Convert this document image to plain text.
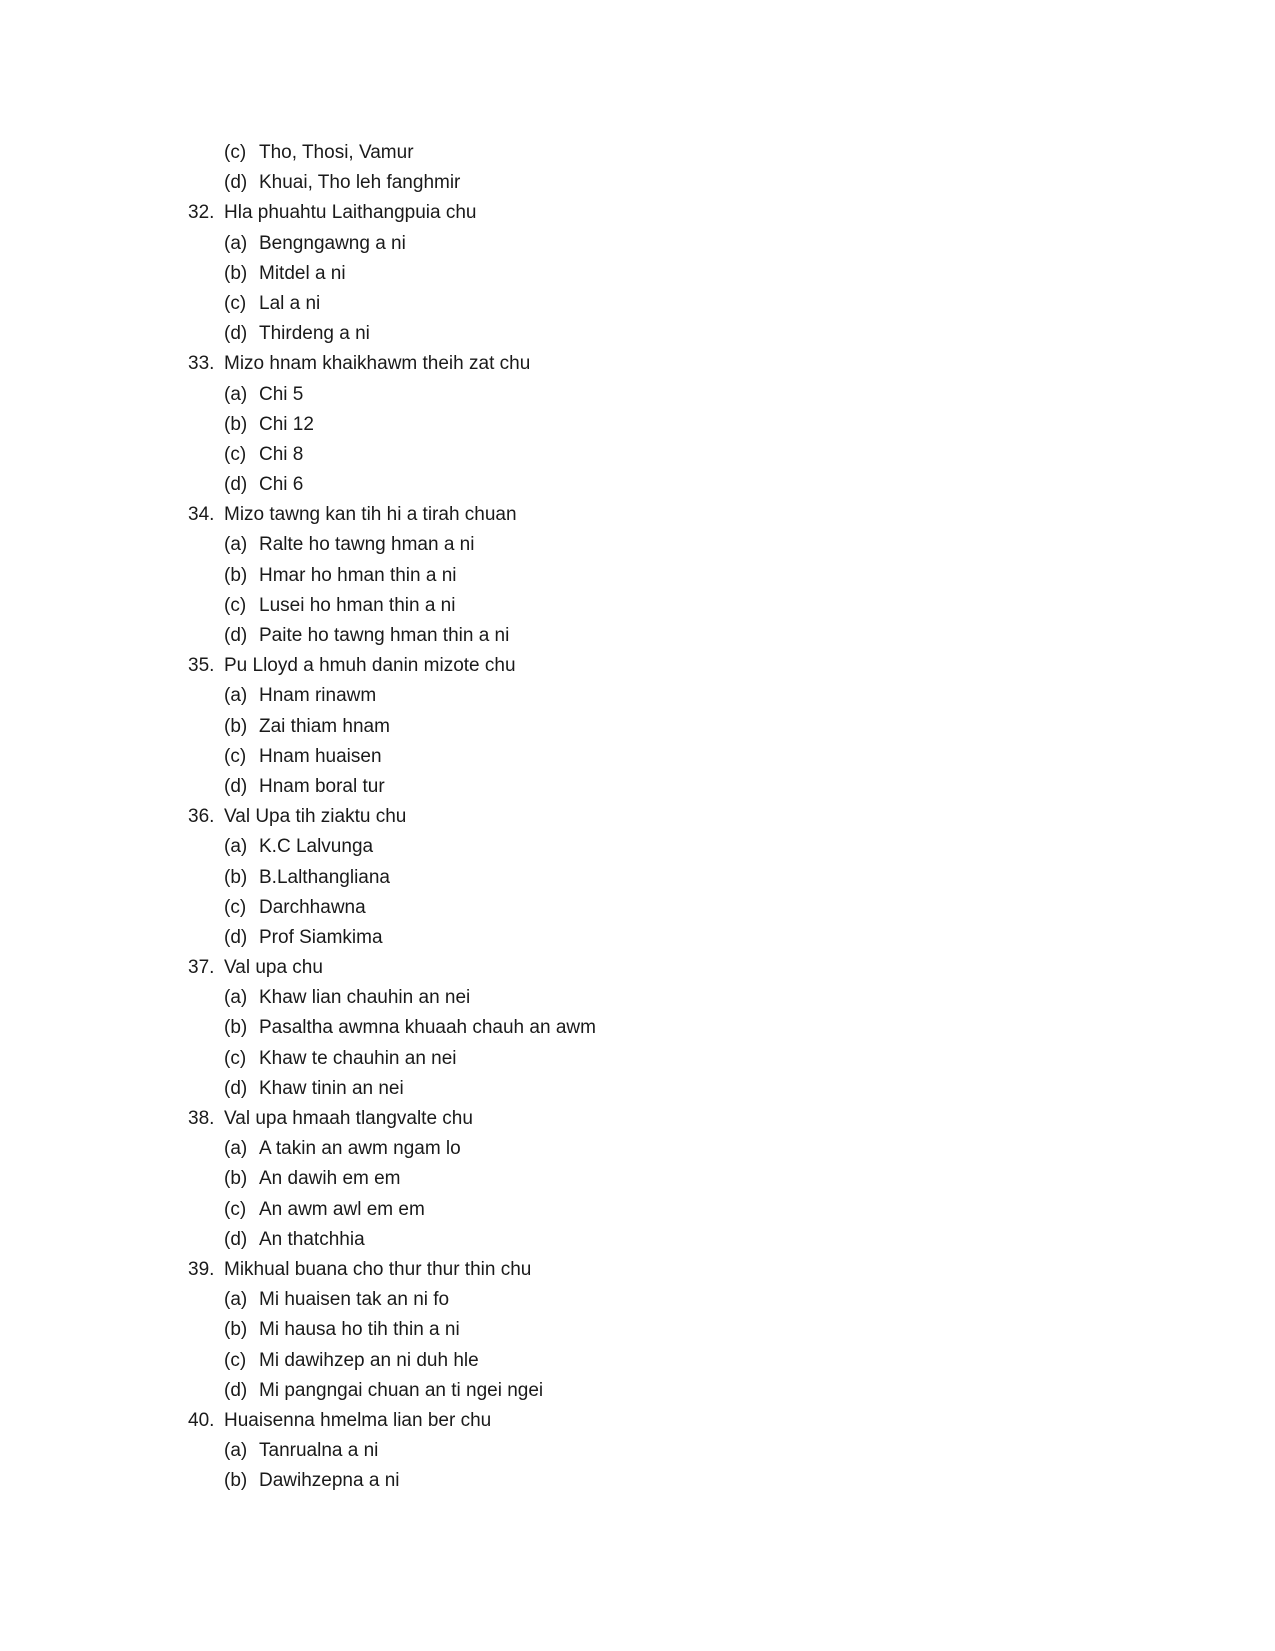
(c) Tho, Thosi, Vamur
(d) Khuai, Tho leh fanghmir
32. Hla phuahtu Laithangpuia chu
(a) Bengngawng a ni
(b) Mitdel a ni
(c) Lal a ni
(d) Thirdeng a ni
33. Mizo hnam khaikhawm theih zat chu
(a) Chi 5
(b) Chi 12
(c) Chi 8
(d) Chi 6
34. Mizo tawng kan tih hi a tirah chuan
(a) Ralte ho tawng hman a ni
(b) Hmar ho hman thin a ni
(c) Lusei ho hman thin a ni
(d) Paite ho tawng hman thin a ni
35. Pu Lloyd a hmuh danin mizote chu
(a) Hnam rinawm
(b) Zai thiam hnam
(c) Hnam huaisen
(d) Hnam boral tur
36. Val Upa tih ziaktu chu
(a) K.C Lalvunga
(b) B.Lalthangliana
(c) Darchhawna
(d) Prof Siamkima
37. Val upa chu
(a) Khaw lian chauhin an nei
(b) Pasaltha awmna khuaah chauh an awm
(c) Khaw te chauhin an nei
(d) Khaw tinin an nei
38. Val upa hmaah tlangvalte chu
(a) A takin an awm ngam lo
(b) An dawih em em
(c) An awm awl em em
(d) An thatchhia
39. Mikhual buana cho thur thur thin chu
(a) Mi huaisen tak an ni fo
(b) Mi hausa ho tih thin a ni
(c) Mi dawihzep an ni duh hle
(d) Mi pangngai chuan an ti ngei ngei
40. Huaisenna hmelma lian ber chu
(a) Tanrualna a ni
(b) Dawihzepna a ni
